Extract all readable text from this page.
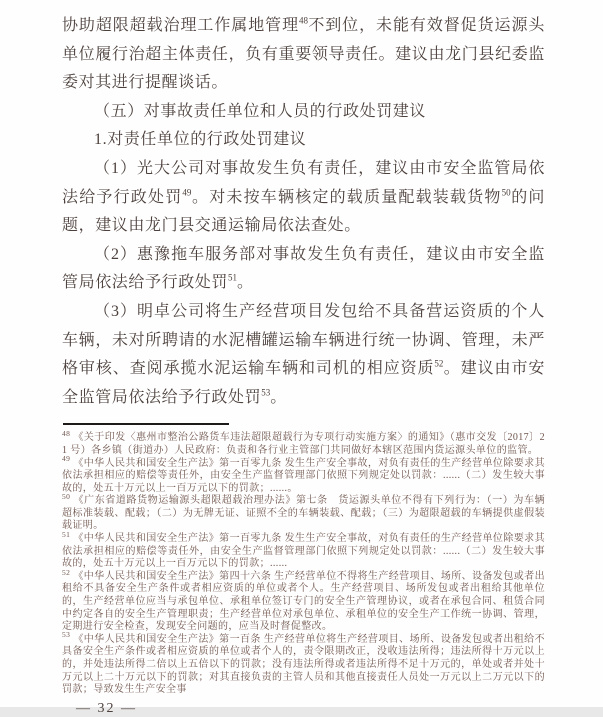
协助超限超载治理工作属地管理$^{48}$不到位，未能有效督促货运源头单位履行治超主体责任，负有重要领导责任。建议由龙门县纪委监委对其进行提醒谈话。

（五）对事故责任单位和人员的行政处罚建议

1.对责任单位的行政处罚建议

（1）光大公司对事故发生负有责任，建议由市安全监管局依法给予行政处罚$^{49}$。对未按车辆核定的载质量配载装载货物$^{50}$的问题，建议由龙门县交通运输局依法查处。

（2）惠豫拖车服务部对事故发生负有责任，建议由市安全监管局依法给予行政处罚$^{51}$。

（3）明卓公司将生产经营项目发包给不具备营运资质的个人车辆，未对所聘请的水泥槽罐运输车辆进行统一协调、管理，未严格审核、查阅承揽水泥运输车辆和司机的相应资质$^{52}$。建议由市安全监管局依法给予行政处罚$^{53}$。

$^{48}$ 《关于印发〈惠州市整治公路货车违法超限超载行为专项行动实施方案〉的通知》（惠市交发〔2017〕21 号）各乡镇（街道办）人民政府：负责和各行业主管部门共同做好本辖区范围内货运源头单位的监管。

$^{49}$ 《中华人民共和国安全生产法》第一百零九条 发生生产安全事故，对负有责任的生产经营单位除要求其依法承担相应的赔偿等责任外，由安全生产监督管理部门依照下列规定处以罚款：......（二）发生较大事故的，处五十万元以上一百万元以下的罚款；......。

$^{50}$ 《广东省道路货物运输源头超限超载治理办法》第七条　货运源头单位不得有下列行为：（一）为车辆超标准装载、配载；（二）为无牌无证、证照不全的车辆装载、配载；（三）为超限超载的车辆提供虚假装载证明。

$^{51}$ 《中华人民共和国安全生产法》第一百零九条 发生生产安全事故，对负有责任的生产经营单位除要求其依法承担相应的赔偿等责任外，由安全生产监督管理部门依照下列规定处以罚款：......（二）发生较大事故的，处五十万元以上一百万元以下的罚款；......

$^{52}$ 《中华人民共和国安全生产法》第四十六条 生产经营单位不得将生产经营项目、场所、设备发包或者出租给不具备安全生产条件或者相应资质的单位或者个人。生产经营项目、场所发包或者出租给其他单位的，生产经营单位应当与承包单位、承租单位签订专门的安全生产管理协议，或者在承包合同、租赁合同中约定各自的安全生产管理职责；生产经营单位对承包单位、承租单位的安全生产工作统一协调、管理，定期进行安全检查，发现安全问题的，应当及时督促整改。

$^{53}$ 《中华人民共和国安全生产法》第一百条 生产经营单位将生产经营项目、场所、设备发包或者出租给不具备安全生产条件或者相应资质的单位或者个人的，责令限期改正，没收违法所得；违法所得十万元以上的，并处违法所得二倍以上五倍以下的罚款；没有违法所得或者违法所得不足十万元的，单处或者并处十万元以上二十万元以下的罚款；对其直接负责的主管人员和其他直接责任人员处一万元以上二万元以下的罚款；导致发生生产安全事

— 32 —
